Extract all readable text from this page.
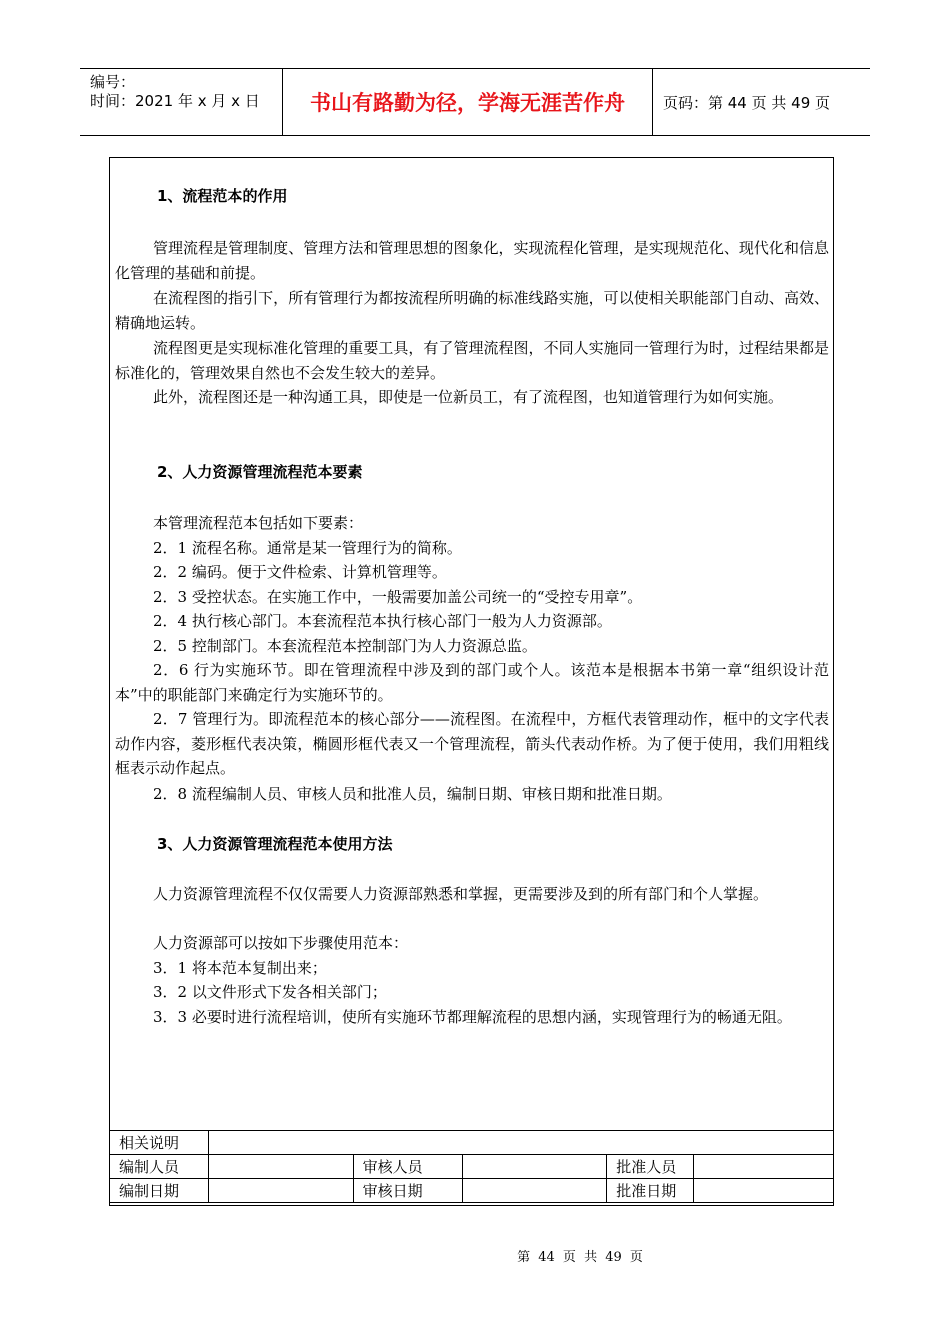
编号：
时间：2021 年 x 月 x 日	书山有路勤为径，学海无涯苦作舟	页码：第 44 页 共 49 页
1、流程范本的作用

管理流程是管理制度、管理方法和管理思想的图象化，实现流程化管理，是实现规范化、现代化和信息化管理的基础和前提。

在流程图的指引下，所有管理行为都按流程所明确的标准线路实施，可以使相关职能部门自动、高效、精确地运转。

流程图更是实现标准化管理的重要工具，有了管理流程图，不同人实施同一管理行为时，过程结果都是标准化的，管理效果自然也不会发生较大的差异。

此外，流程图还是一种沟通工具，即使是一位新员工，有了流程图，也知道管理行为如何实施。

2、人力资源管理流程范本要素

本管理流程范本包括如下要素：

2．1 流程名称。通常是某一管理行为的简称。

2．2 编码。便于文件检索、计算机管理等。

2．3 受控状态。在实施工作中，一般需要加盖公司统一的“受控专用章”。

2．4 执行核心部门。本套流程范本执行核心部门一般为人力资源部。

2．5 控制部门。本套流程范本控制部门为人力资源总监。

2．6 行为实施环节。即在管理流程中涉及到的部门或个人。该范本是根据本书第一章“组织设计范本”中的职能部门来确定行为实施环节的。

2．7 管理行为。即流程范本的核心部分——流程图。在流程中，方框代表管理动作，框中的文字代表动作内容，菱形框代表决策，椭圆形框代表又一个管理流程，箭头代表动作桥。为了便于使用，我们用粗线框表示动作起点。

2．8 流程编制人员、审核人员和批准人员，编制日期、审核日期和批准日期。

3、人力资源管理流程范本使用方法

人力资源管理流程不仅仅需要人力资源部熟悉和掌握，更需要涉及到的所有部门和个人掌握。

人力资源部可以按如下步骤使用范本：

3．1 将本范本复制出来；

3．2 以文件形式下发各相关部门；

3．3 必要时进行流程培训，使所有实施环节都理解流程的思想内涵，实现管理行为的畅通无阻。

相关说明					
编制人员		审核人员		批准人员	
编制日期		审核日期		批准日期	
第 44 页 共 49 页
